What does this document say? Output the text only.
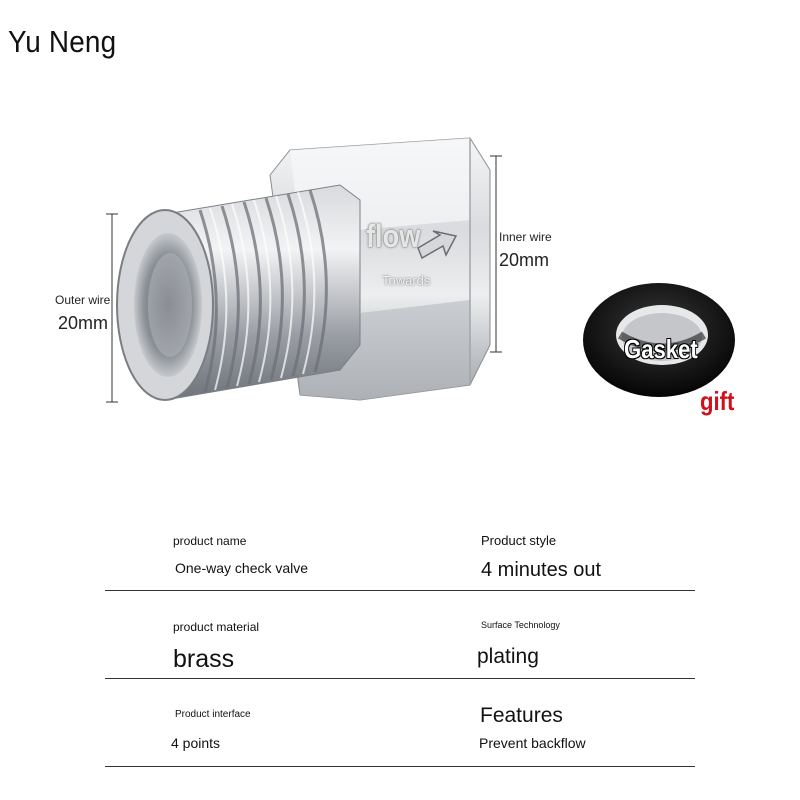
Yu Neng
Outer wire
20mm
Inner wire
20mm
flow
Towards
Gasket
gift
product name
One-way check valve
Product style
4 minutes out
product material
brass
Surface Technology
plating
Product interface
4 points
Features
Prevent backflow
